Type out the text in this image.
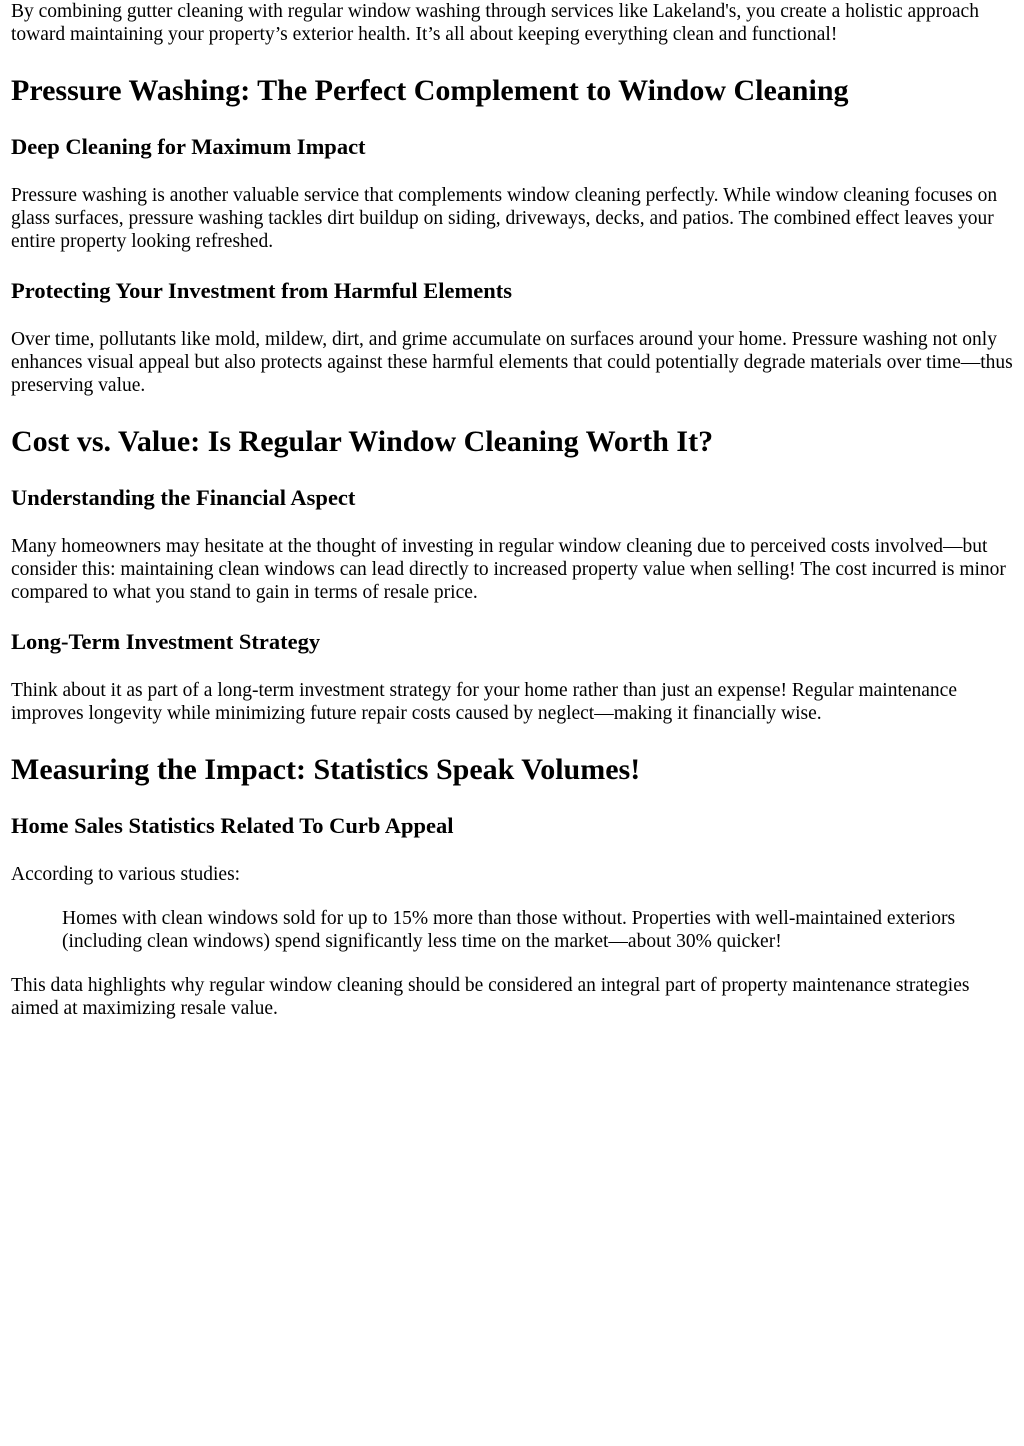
By combining gutter cleaning with regular window washing through services like Lakeland's, you create a holistic approach toward maintaining your property’s exterior health. It’s all about keeping everything clean and functional!

Pressure Washing: The Perfect Complement to Window Cleaning
Deep Cleaning for Maximum Impact

Pressure washing is another valuable service that complements window cleaning perfectly. While window cleaning focuses on glass surfaces, pressure washing tackles dirt buildup on siding, driveways, decks, and patios. The combined effect leaves your entire property looking refreshed.

Protecting Your Investment from Harmful Elements

Over time, pollutants like mold, mildew, dirt, and grime accumulate on surfaces around your home. Pressure washing not only enhances visual appeal but also protects against these harmful elements that could potentially degrade materials over time—thus preserving value.

Cost vs. Value: Is Regular Window Cleaning Worth It?
Understanding the Financial Aspect

Many homeowners may hesitate at the thought of investing in regular window cleaning due to perceived costs involved—but consider this: maintaining clean windows can lead directly to increased property value when selling! The cost incurred is minor compared to what you stand to gain in terms of resale price.

Long-Term Investment Strategy

Think about it as part of a long-term investment strategy for your home rather than just an expense! Regular maintenance improves longevity while minimizing future repair costs caused by neglect—making it financially wise.

Measuring the Impact: Statistics Speak Volumes!
Home Sales Statistics Related To Curb Appeal

According to various studies:

Homes with clean windows sold for up to 15% more than those without. Properties with well-maintained exteriors (including clean windows) spend significantly less time on the market—about 30% quicker!

This data highlights why regular window cleaning should be considered an integral part of property maintenance strategies aimed at maximizing resale value.
